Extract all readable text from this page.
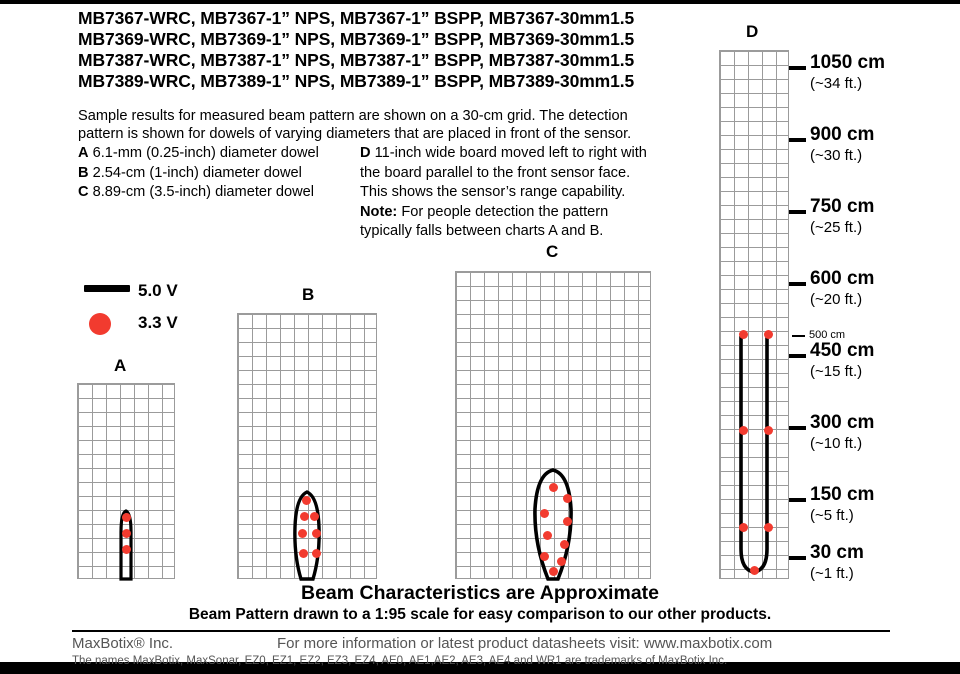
MB7367-WRC, MB7367-1” NPS, MB7367-1” BSPP, MB7367-30mm1.5
MB7369-WRC, MB7369-1” NPS, MB7369-1” BSPP, MB7369-30mm1.5
MB7387-WRC, MB7387-1” NPS, MB7387-1” BSPP, MB7387-30mm1.5
MB7389-WRC, MB7389-1” NPS, MB7389-1” BSPP, MB7389-30mm1.5
Sample results for measured beam pattern are shown on a 30-cm grid. The detection
pattern is shown for dowels of varying diameters that are placed in front of the sensor.
A 6.1-mm (0.25-inch) diameter dowel
B 2.54-cm (1-inch) diameter dowel
C 8.89-cm (3.5-inch) diameter dowel
D 11-inch wide board moved left to right with
the board parallel to the front sensor face.
This shows the sensor’s range capability.
Note: For people detection the pattern
typically falls between charts A and B.
5.0 V
3.3 V
A
B
C
D
1050 cm
(~34 ft.)
900 cm
(~30 ft.)
750 cm
(~25 ft.)
600 cm
(~20 ft.)
500 cm
450 cm
(~15 ft.)
300 cm
(~10 ft.)
150 cm
(~5 ft.)
30 cm
(~1 ft.)
Beam Characteristics are Approximate
Beam Pattern drawn to a 1:95 scale for easy comparison to our other products.
MaxBotix® Inc.	For more information or latest product datasheets visit: www.maxbotix.com
The names MaxBotix, MaxSonar, EZ0, EZ1, EZ2, EZ3, EZ4, AE0, AE1,AE2, AE3, AE4 and WR1 are trademarks of MaxBotix Inc.
